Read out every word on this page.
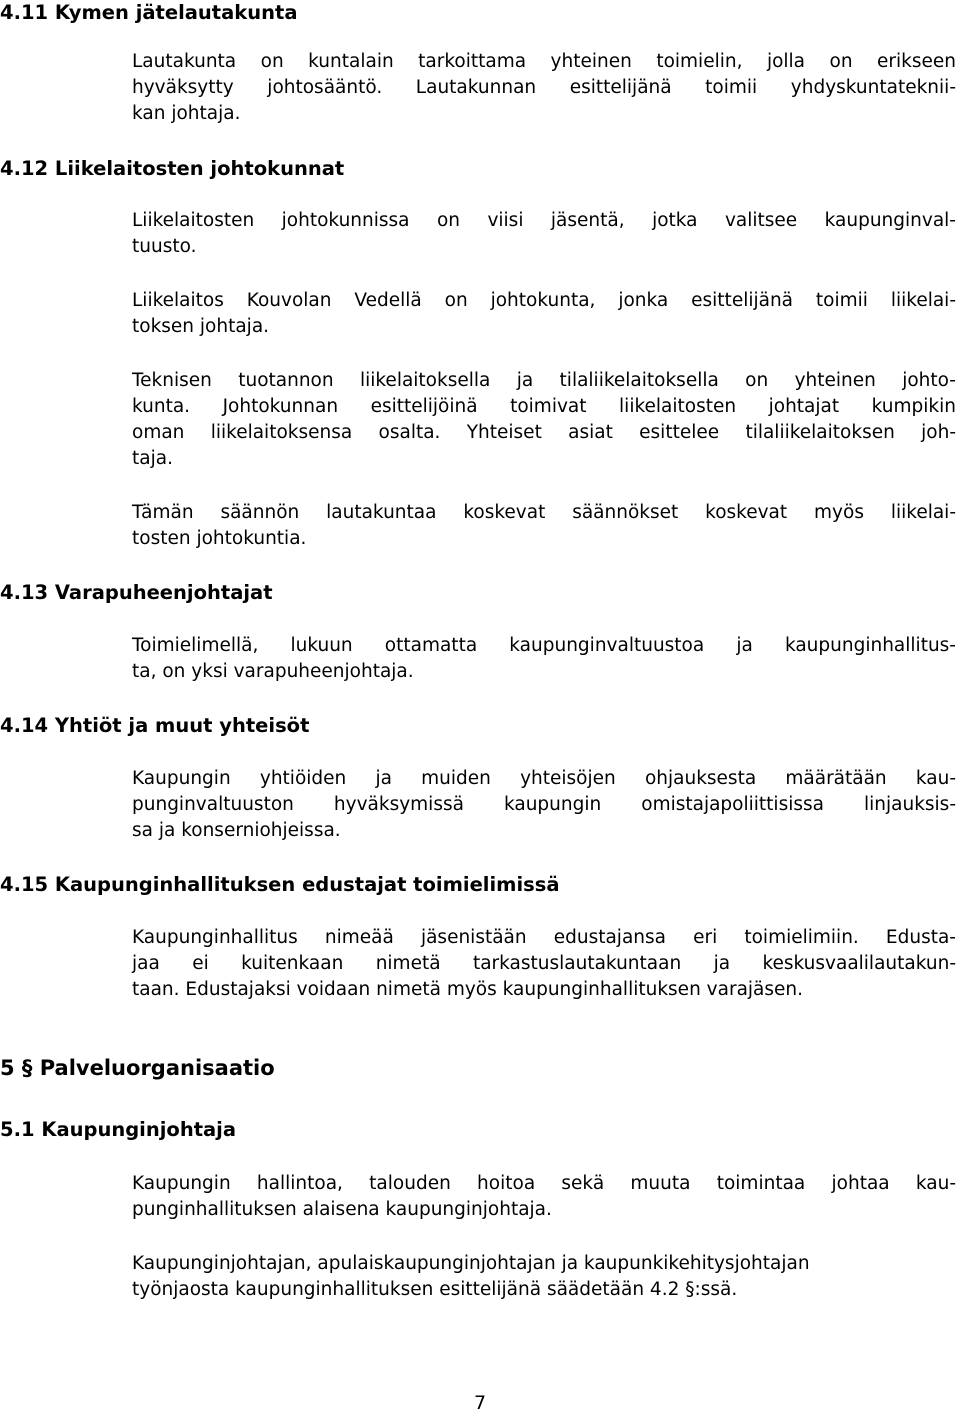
4.11 Kymen jätelautakunta

Lautakunta on kuntalain tarkoittama yhteinen toimielin, jolla on erikseen
hyväksytty johtosääntö. Lautakunnan esittelijänä toimii yhdyskuntateknii-
kan johtaja.

4.12 Liikelaitosten johtokunnat

Liikelaitosten johtokunnissa on viisi jäsentä, jotka valitsee kaupunginval-
tuusto.

Liikelaitos Kouvolan Vedellä on johtokunta, jonka esittelijänä toimii liikelai-
toksen johtaja.

Teknisen tuotannon liikelaitoksella ja tilaliikelaitoksella on yhteinen johto-
kunta. Johtokunnan esittelijöinä toimivat liikelaitosten johtajat kumpikin
oman liikelaitoksensa osalta. Yhteiset asiat esittelee tilaliikelaitoksen joh-
taja.

Tämän säännön lautakuntaa koskevat säännökset koskevat myös liikelai-
tosten johtokuntia.

4.13 Varapuheenjohtajat

Toimielimellä, lukuun ottamatta kaupunginvaltuustoa ja kaupunginhallitus-
ta, on yksi varapuheenjohtaja.

4.14 Yhtiöt ja muut yhteisöt

Kaupungin yhtiöiden ja muiden yhteisöjen ohjauksesta määrätään kau-
punginvaltuuston hyväksymissä kaupungin omistajapoliittisissa linjauksis-
sa ja konserniohjeissa.

4.15 Kaupunginhallituksen edustajat toimielimissä

Kaupunginhallitus nimeää jäsenistään edustajansa eri toimielimiin. Edusta-
jaa ei kuitenkaan nimetä tarkastuslautakuntaan ja keskusvaalilautakun-
taan. Edustajaksi voidaan nimetä myös kaupunginhallituksen varajäsen.

5 § Palveluorganisaatio
5.1 Kaupunginjohtaja

Kaupungin hallintoa, talouden hoitoa sekä muuta toimintaa johtaa kau-
punginhallituksen alaisena kaupunginjohtaja.

Kaupunginjohtajan, apulaiskaupunginjohtajan ja kaupunkikehitysjohtajan
työnjaosta kaupunginhallituksen esittelijänä säädetään 4.2 §:ssä.

7
